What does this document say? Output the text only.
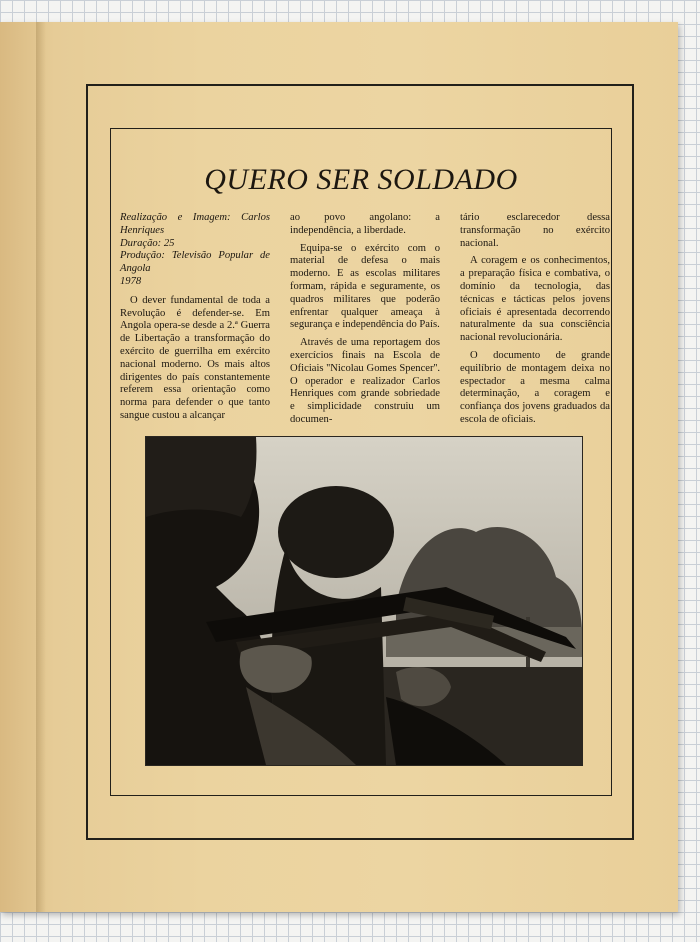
QUERO SER SOLDADO

Realização e Imagem: Carlos Henriques
Duração: 25
Produção: Televisão Popular de Angola
1978

O dever fundamental de toda a Revolução é defender-se. Em Angola opera-se desde a 2.ª Guerra de Libertação a transformação do exército de guerrilha em exército nacional moderno. Os mais altos dirigentes do país constantemente referem essa orientação como norma para defender o que tanto sangue custou a alcançar

ao povo angolano: a independência, a liberdade.

Equipa-se o exército com o material de defesa o mais moderno. E as escolas militares formam, rápida e seguramente, os quadros militares que poderão enfrentar qualquer ameaça à segurança e independência do País.

Através de uma reportagem dos exercícios finais na Escola de Oficiais ''Nicolau Gomes Spencer''. O operador e realizador Carlos Henriques com grande sobriedade e simplicidade construiu um documen-

tário esclarecedor dessa transformação no exército nacional.

A coragem e os conhecimentos, a preparação física e combativa, o domínio da tecnologia, das técnicas e tácticas pelos jovens oficiais é apresentada decorrendo naturalmente da sua consciência nacional revolucionária.

O documento de grande equilíbrio de montagem deixa no espectador a mesma calma determinação, a coragem e confiança dos jovens graduados da escola de oficiais.
